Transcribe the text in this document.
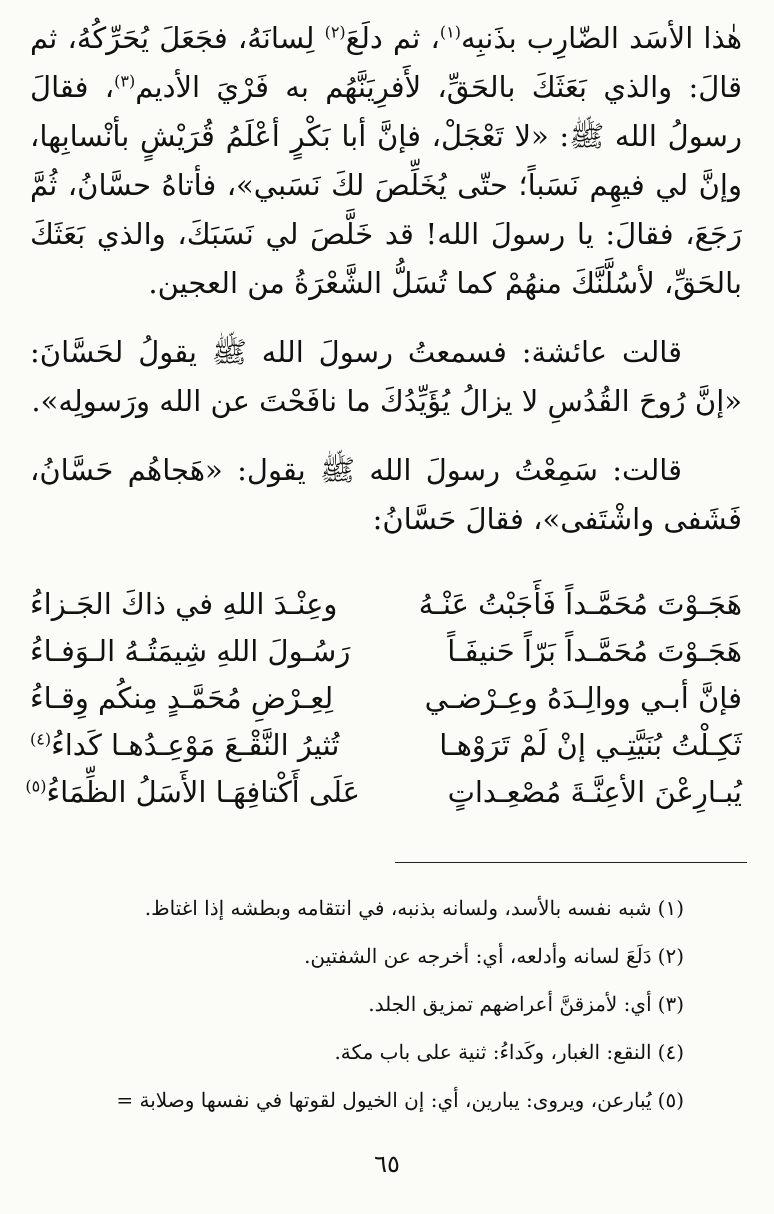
هٰذا الأسَد الضّارِب بذَنبِه$^{(١)}$، ثم دلَعَ$^{(٢)}$ لِسانَهُ، فجَعَلَ يُحَرِّكُهُ، ثم قالَ: والذي بَعَثَكَ بالحَقِّ، لأَفرِيَنَّهُم به فَرْيَ الأديم$^{(٣)}$، فقالَ رسولُ الله ﷺ: «لا تَعْجَلْ، فإنَّ أبا بَكْرٍ أعْلَمُ قُرَيْشٍ بأنْسابِها، وإنَّ لي فيهِم نَسَباً؛ حتّى يُخَلِّصَ لكَ نَسَبي»، فأتاهُ حسَّانُ، ثُمَّ رَجَعَ، فقالَ: يا رسولَ الله! قد خَلَّصَ لي نَسَبَكَ، والذي بَعَثَكَ بالحَقِّ، لأسُلَّنَّكَ منهُمْ كما تُسَلُّ الشَّعْرَةُ من العجين.

قالت عائشة: فسمعتُ رسولَ الله ﷺ يقولُ لحَسَّانَ: «إنَّ رُوحَ القُدُسِ لا يزالُ يُؤَيِّدُكَ ما نافَحْتَ عن الله ورَسولِه».

قالت: سَمِعْتُ رسولَ الله ﷺ يقول: «هَجاهُم حَسَّانُ، فَشَفى واشْتَفى»، فقالَ حَسَّانُ:

هَجَـوْتَ مُحَمَّـداً فَأَجَبْتُ عَنْـهُ
وعِنْـدَ اللهِ في ذاكَ الجَـزاءُ
هَجَـوْتَ مُحَمَّـداً بَرّاً حَنيفَـاً
رَسُـولَ اللهِ شِيمَتُـهُ الـوَفـاءُ
فإنَّ أبـي ووالِـدَهُ وعِـرْضـي
لِعِـرْضِ مُحَمَّـدٍ مِنكُم وِقـاءُ
ثَكِـلْتُ بُنَيَّتِـي إنْ لَمْ تَرَوْهـا
تُثيرُ النَّقْـعَ مَوْعِـدُهـا كَداءُ$^{(٤)}$
يُبـارِعْنَ الأعِنَّـةَ مُصْعِـداتٍ
عَلَى أَكْتافِهَـا الأَسَلُ الظِّمَاءُ$^{(٥)}$
(١)
شبه نفسه بالأسد، ولسانه بذنبه، في انتقامه وبطشه إذا اغتاظ.
(٢)
دَلَعَ لسانه وأدلعه، أي: أخرجه عن الشفتين.
(٣)
أي: لأمزقنَّ أعراضهم تمزيق الجلد.
(٤)
النقع: الغبار، وكَداءُ: ثنية على باب مكة.
(٥)
يُبارعن، ويروى: يبارين، أي: إن الخيول لقوتها في نفسها وصلابة =
٦٥
